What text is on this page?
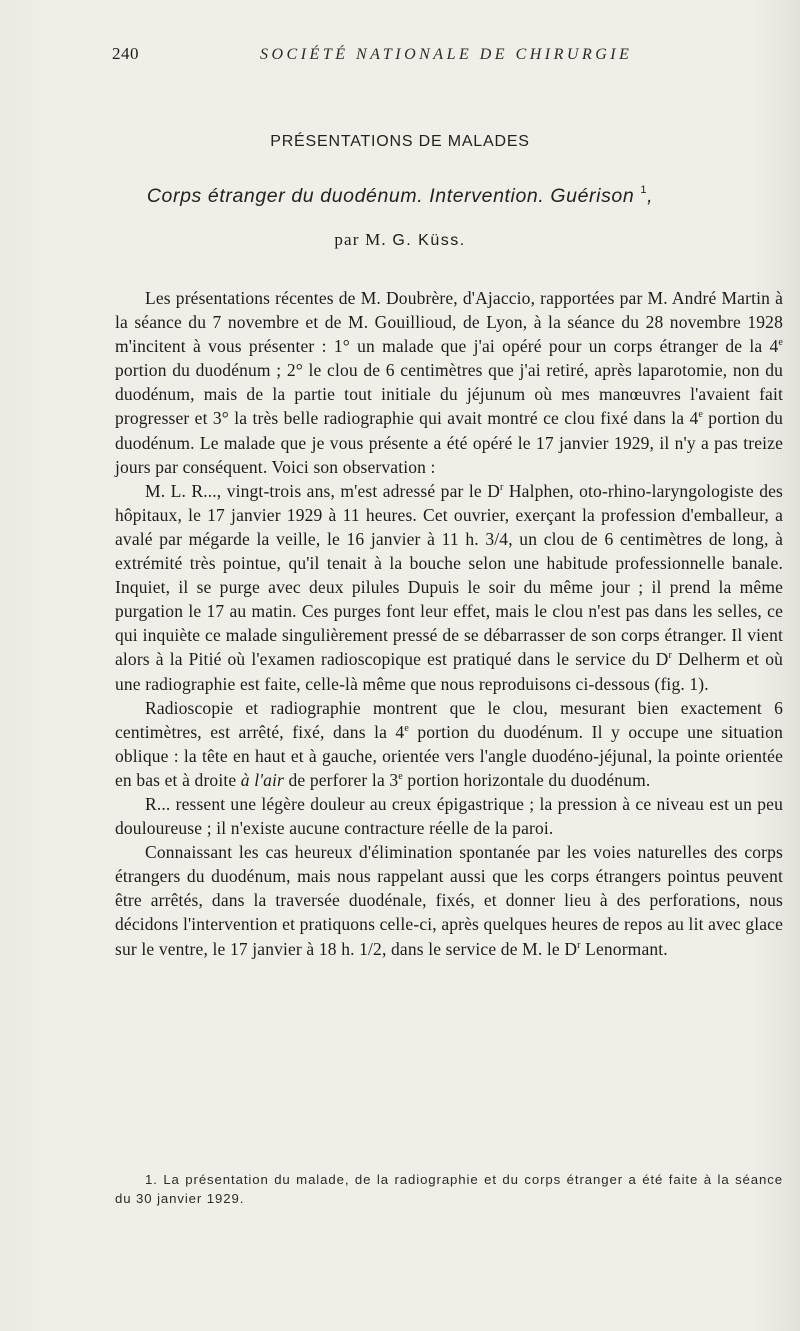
240	SOCIÉTÉ NATIONALE DE CHIRURGIE
PRÉSENTATIONS DE MALADES
Corps étranger du duodénum. Intervention. Guérison $^1$,
par M. G. Küss.

Les présentations récentes de M. Doubrère, d'Ajaccio, rapportées par M. André Martin à la séance du 7 novembre et de M. Gouillioud, de Lyon, à la séance du 28 novembre 1928 m'incitent à vous présenter : 1° un malade que j'ai opéré pour un corps étranger de la 4e portion du duodénum ; 2° le clou de 6 centimètres que j'ai retiré, après laparotomie, non du duodénum, mais de la partie tout initiale du jéjunum où mes manœuvres l'avaient fait progresser et 3° la très belle radiographie qui avait montré ce clou fixé dans la 4e portion du duodénum. Le malade que je vous présente a été opéré le 17 janvier 1929, il n'y a pas treize jours par conséquent. Voici son observation :

M. L. R..., vingt-trois ans, m'est adressé par le $D^r$ Halphen, oto-rhino-laryngologiste des hôpitaux, le 17 janvier 1929 à 11 heures. Cet ouvrier, exerçant la profession d'emballeur, a avalé par mégarde la veille, le 16 janvier à 11 h. 3/4, un clou de 6 centimètres de long, à extrémité très pointue, qu'il tenait à la bouche selon une habitude professionnelle banale. Inquiet, il se purge avec deux pilules Dupuis le soir du même jour ; il prend la même purgation le 17 au matin. Ces purges font leur effet, mais le clou n'est pas dans les selles, ce qui inquiète ce malade singulièrement pressé de se débarrasser de son corps étranger. Il vient alors à la Pitié où l'examen radioscopique est pratiqué dans le service du $D^r$ Delherm et où une radiographie est faite, celle-là même que nous reproduisons ci-dessous (fig. 1).

Radioscopie et radiographie montrent que le clou, mesurant bien exactement 6 centimètres, est arrêté, fixé, dans la 4e portion du duodénum. Il y occupe une situation oblique : la tête en haut et à gauche, orientée vers l'angle duodéno-jéjunal, la pointe orientée en bas et à droite à l'air de perforer la 3e portion horizontale du duodénum.

R... ressent une légère douleur au creux épigastrique ; la pression à ce niveau est un peu douloureuse ; il n'existe aucune contracture réelle de la paroi.

Connaissant les cas heureux d'élimination spontanée par les voies naturelles des corps étrangers du duodénum, mais nous rappelant aussi que les corps étrangers pointus peuvent être arrêtés, dans la traversée duodénale, fixés, et donner lieu à des perforations, nous décidons l'intervention et pratiquons celle-ci, après quelques heures de repos au lit avec glace sur le ventre, le 17 janvier à 18 h. 1/2, dans le service de M. le $D^r$ Lenormant.

1. La présentation du malade, de la radiographie et du corps étranger a été faite à la séance du 30 janvier 1929.
